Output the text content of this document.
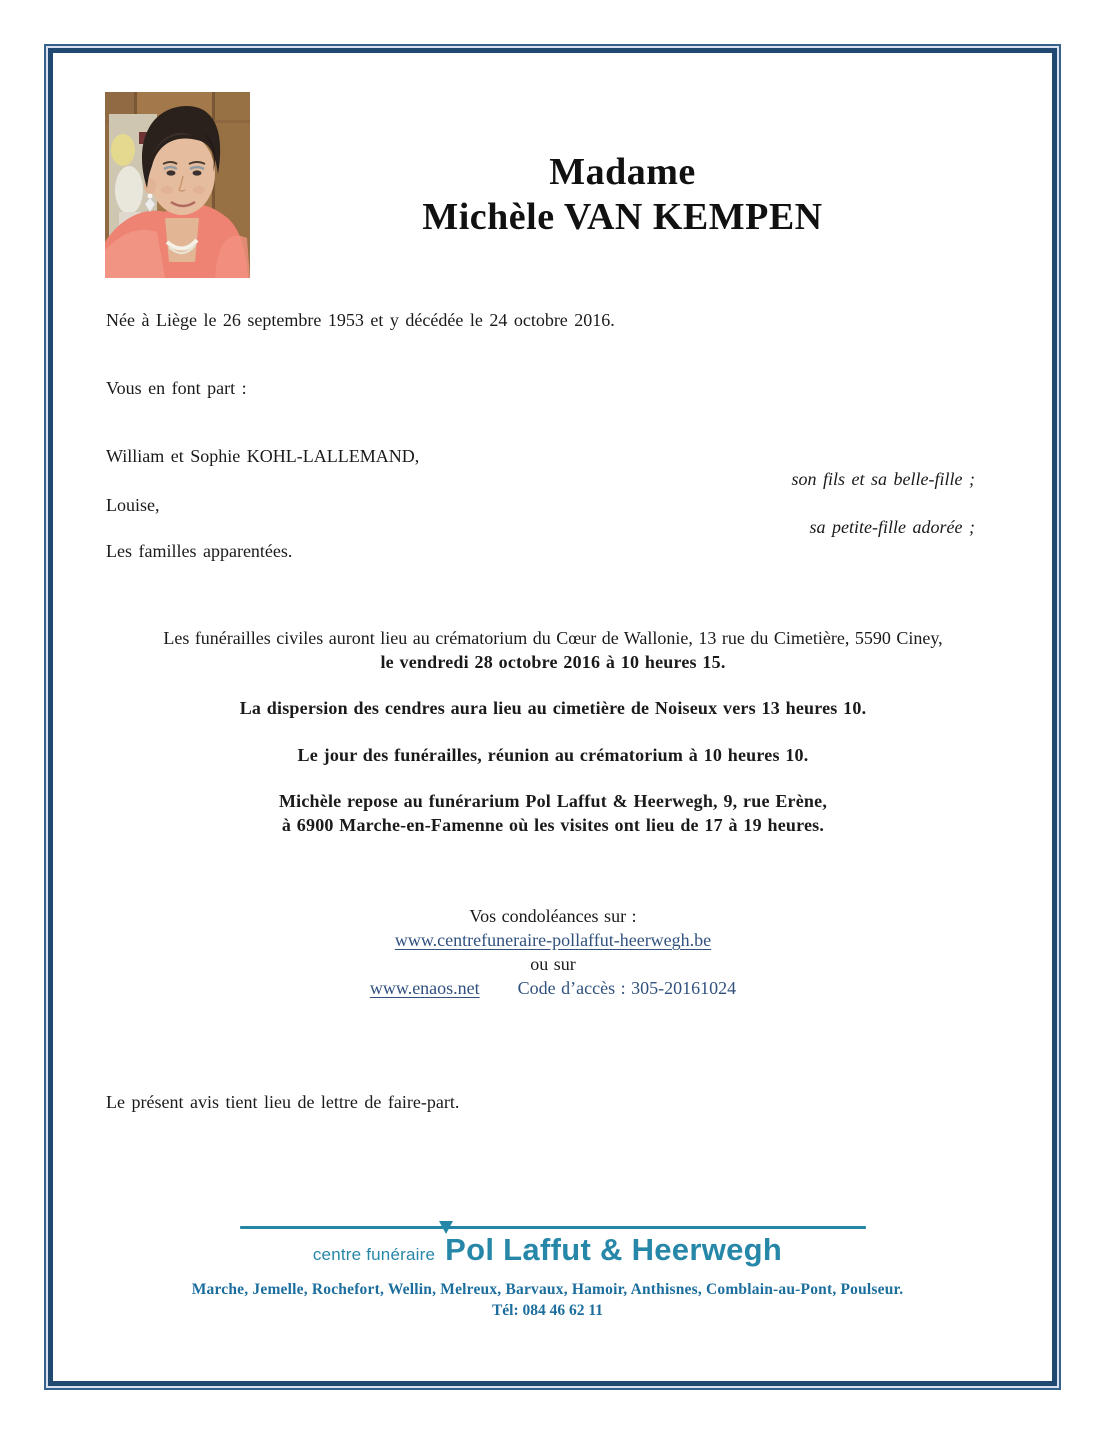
Madame
Michèle VAN KEMPEN
Née à Liège le 26 septembre 1953 et y décédée le 24 octobre 2016.
Vous en font part :
William et Sophie KOHL-LALLEMAND,
son fils et sa belle-fille ;
Louise,
sa petite-fille adorée ;
Les familles apparentées.
Les funérailles civiles auront lieu au crématorium du Cœur de Wallonie, 13 rue du Cimetière, 5590 Ciney,
le vendredi 28 octobre 2016 à 10 heures 15.
La dispersion des cendres aura lieu au cimetière de Noiseux vers 13 heures 10.
Le jour des funérailles, réunion au crématorium à 10 heures 10.
Michèle repose au funérarium Pol Laffut & Heerwegh, 9, rue Erène,
à 6900 Marche-en-Famenne où les visites ont lieu de 17 à 19 heures.
Vos condoléances sur :
www.centrefuneraire-pollaffut-heerwegh.be
ou sur
www.enaos.net Code d’accès : 305-20161024
Le présent avis tient lieu de lettre de faire-part.
centre funéraire Pol Laffut & Heerwegh
Marche, Jemelle, Rochefort, Wellin, Melreux, Barvaux, Hamoir, Anthisnes, Comblain-au-Pont, Poulseur.
Tél: 084 46 62 11
